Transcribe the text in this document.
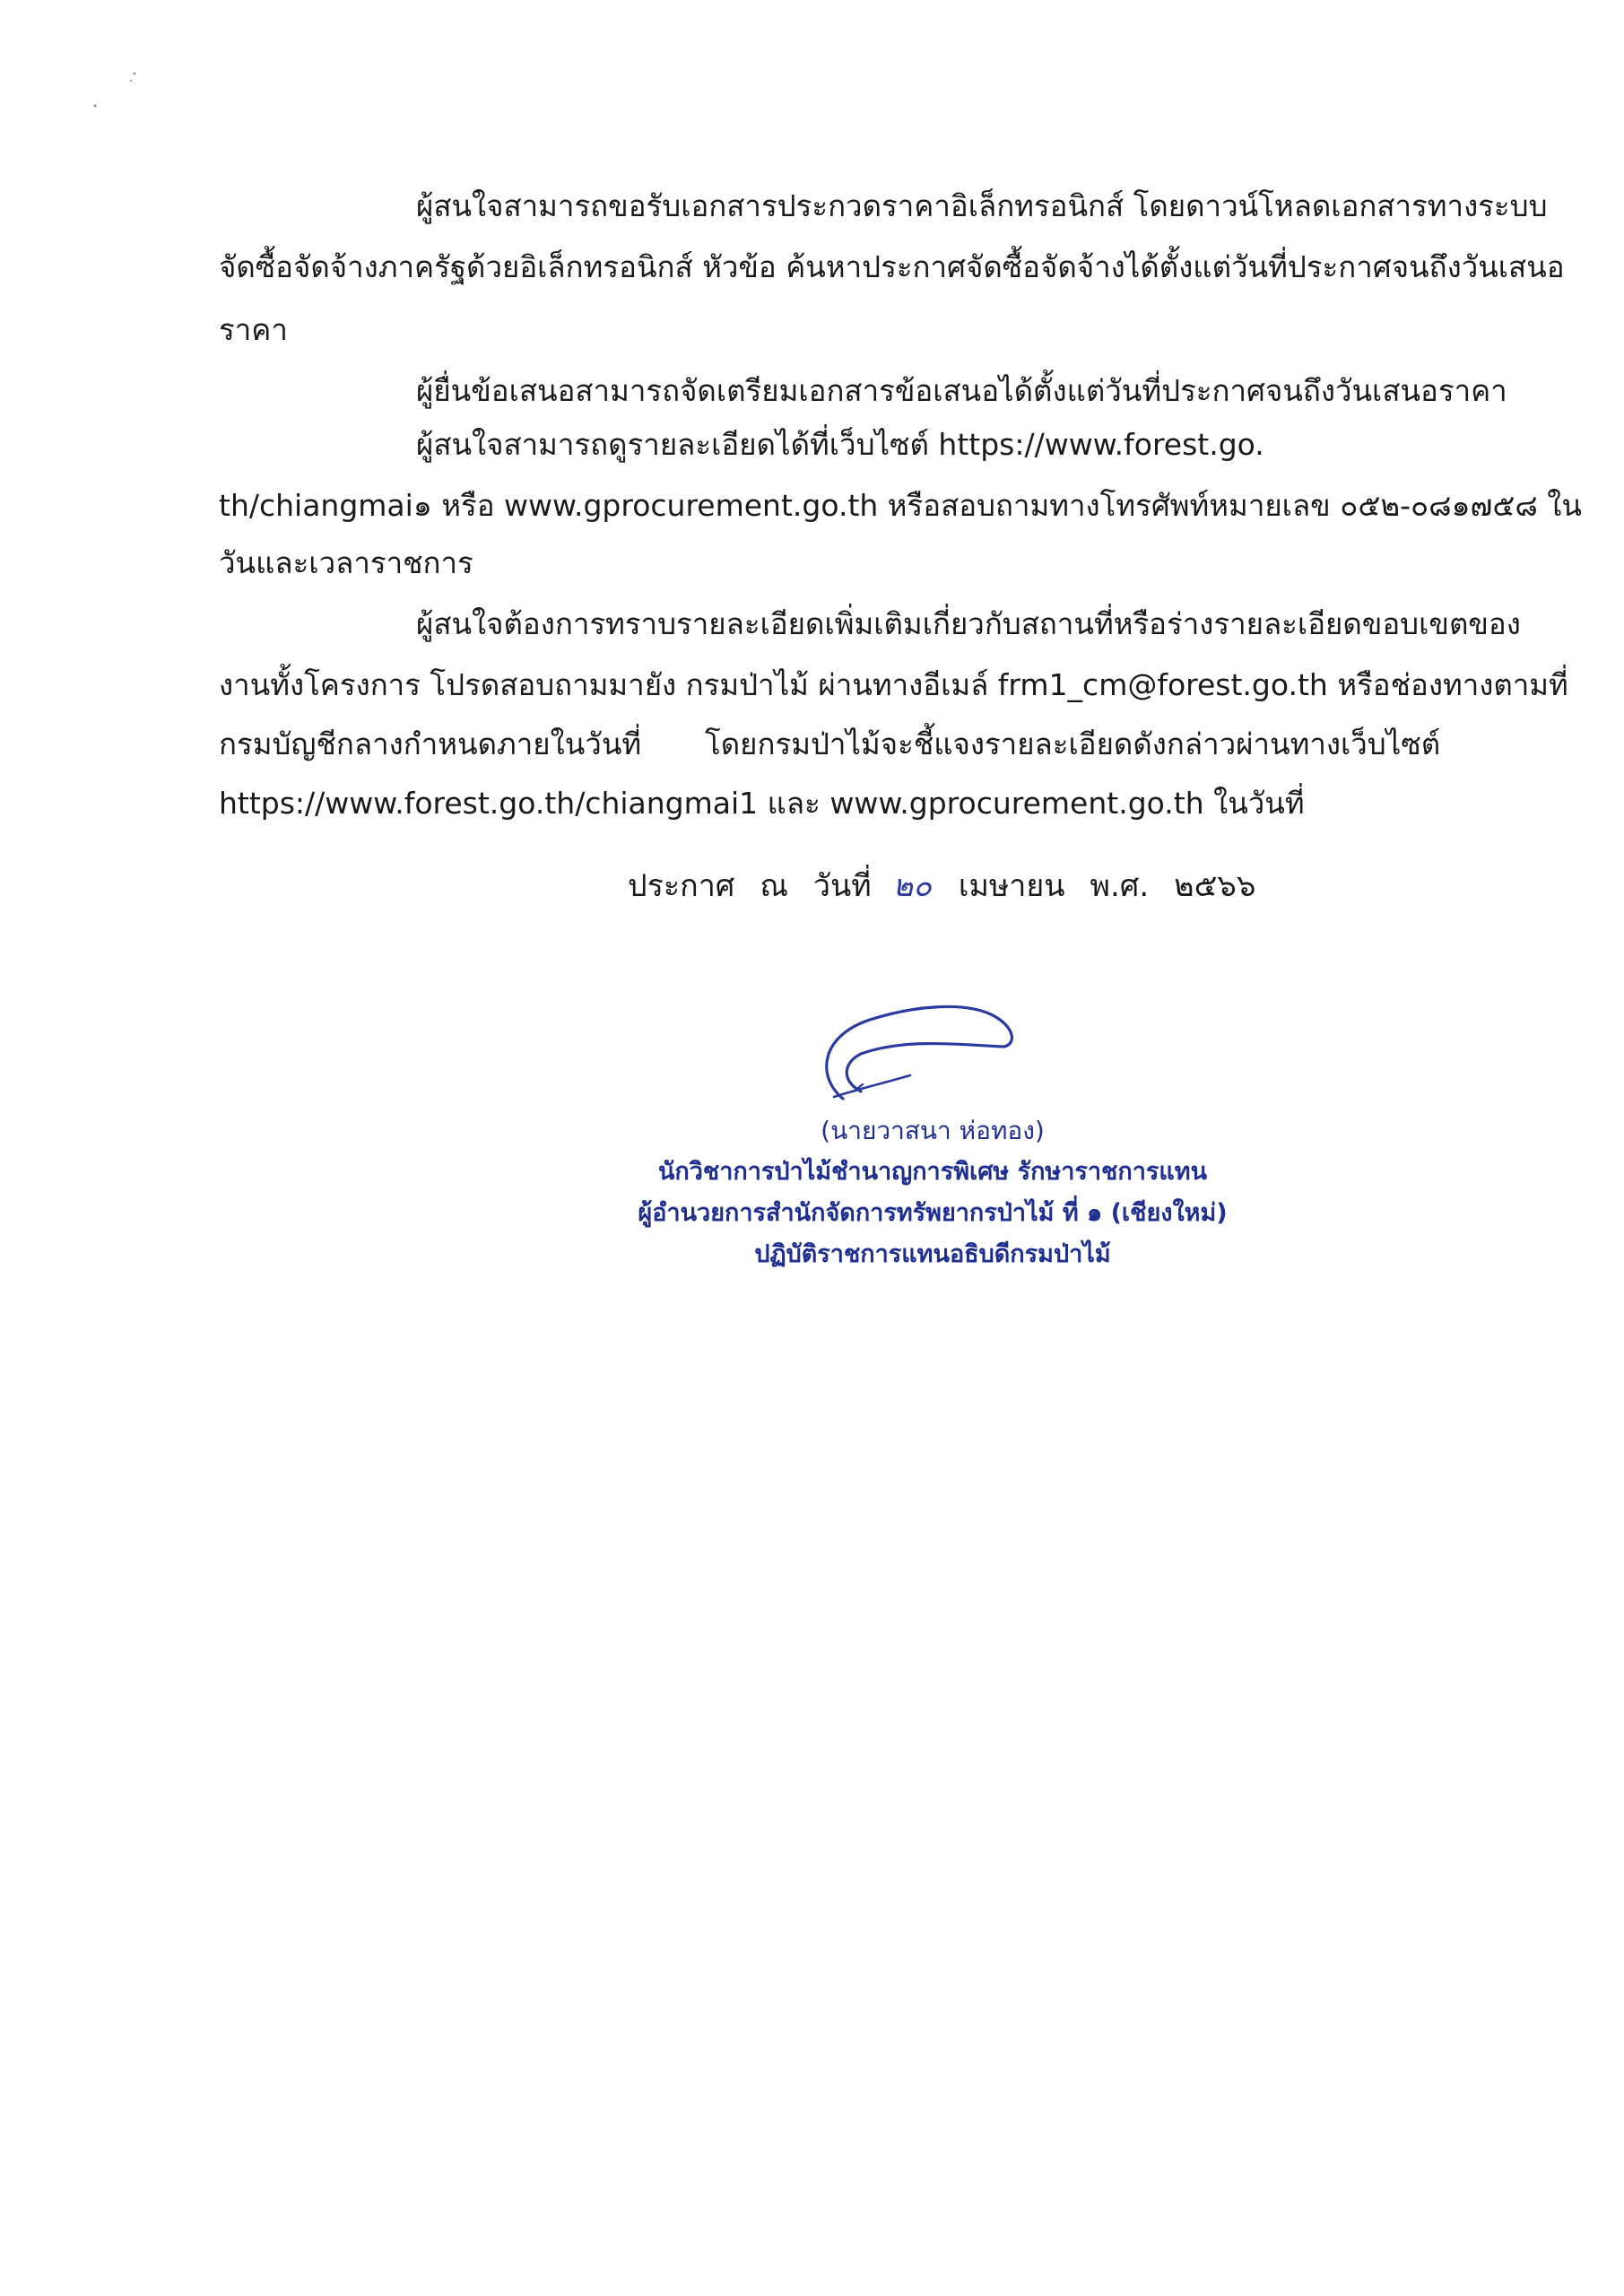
ผู้สนใจสามารถขอรับเอกสารประกวดราคาอิเล็กทรอนิกส์ โดยดาวน์โหลดเอกสารทางระบบ
จัดซื้อจัดจ้างภาครัฐด้วยอิเล็กทรอนิกส์ หัวข้อ ค้นหาประกาศจัดซื้อจัดจ้างได้ตั้งแต่วันที่ประกาศจนถึงวันเสนอ
ราคา
ผู้ยื่นข้อเสนอสามารถจัดเตรียมเอกสารข้อเสนอได้ตั้งแต่วันที่ประกาศจนถึงวันเสนอราคา
ผู้สนใจสามารถดูรายละเอียดได้ที่เว็บไซต์ https://www.forest.go.
th/chiangmai๑ หรือ www.gprocurement.go.th หรือสอบถามทางโทรศัพท์หมายเลข ๐๕๒-๐๘๑๗๕๘ ใน
วันและเวลาราชการ
ผู้สนใจต้องการทราบรายละเอียดเพิ่มเติมเกี่ยวกับสถานที่หรือร่างรายละเอียดขอบเขตของ
งานทั้งโครงการ โปรดสอบถามมายัง กรมป่าไม้ ผ่านทางอีเมล์ frm1_cm@forest.go.th หรือช่องทางตามที่
กรมบัญชีกลางกำหนดภายในวันที่ โดยกรมป่าไม้จะชี้แจงรายละเอียดดังกล่าวผ่านทางเว็บไซต์
https://www.forest.go.th/chiangmai1 และ www.gprocurement.go.th ในวันที่
ประกาศ ณ วันที่ ๒๐ เมษายน พ.ศ. ๒๕๖๖
(นายวาสนา ห่อทอง)
นักวิชาการป่าไม้ชำนาญการพิเศษ รักษาราชการแทน
ผู้อำนวยการสำนักจัดการทรัพยากรป่าไม้ ที่ ๑ (เชียงใหม่)
ปฏิบัติราชการแทนอธิบดีกรมป่าไม้
